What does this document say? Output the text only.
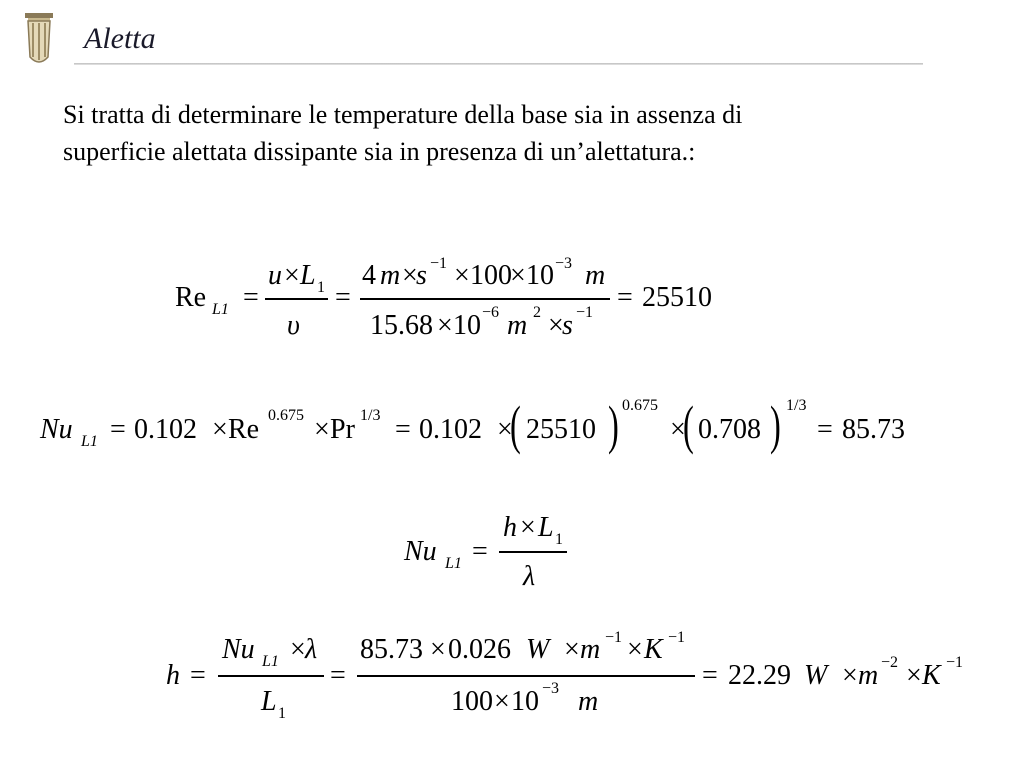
Aletta
Si tratta di determinare le temperature della base sia in assenza di superficie alettata dissipante sia in presenza di un’alettatura.:
Re L1 =
u × L 1
υ
=
4 m ×
s −1 × 100
× 10 −3 m
15.68 × 10 −6 m 2 ×
s −1 = 25510
Nu L1 = 0.102 × Re 0.675 × Pr 1/3 = 0.102 ×
( 25510 ) 0.675
×
( 0.708 ) 1/3
= 85.73
Nu L1 =
h × L 1
λ
h =
Nu L1 × λ
L 1
=
85.73 × 0.026 W × m −1 × K −1
100 × 10 −3 m
= 22.29 W × m −2 × K −1
